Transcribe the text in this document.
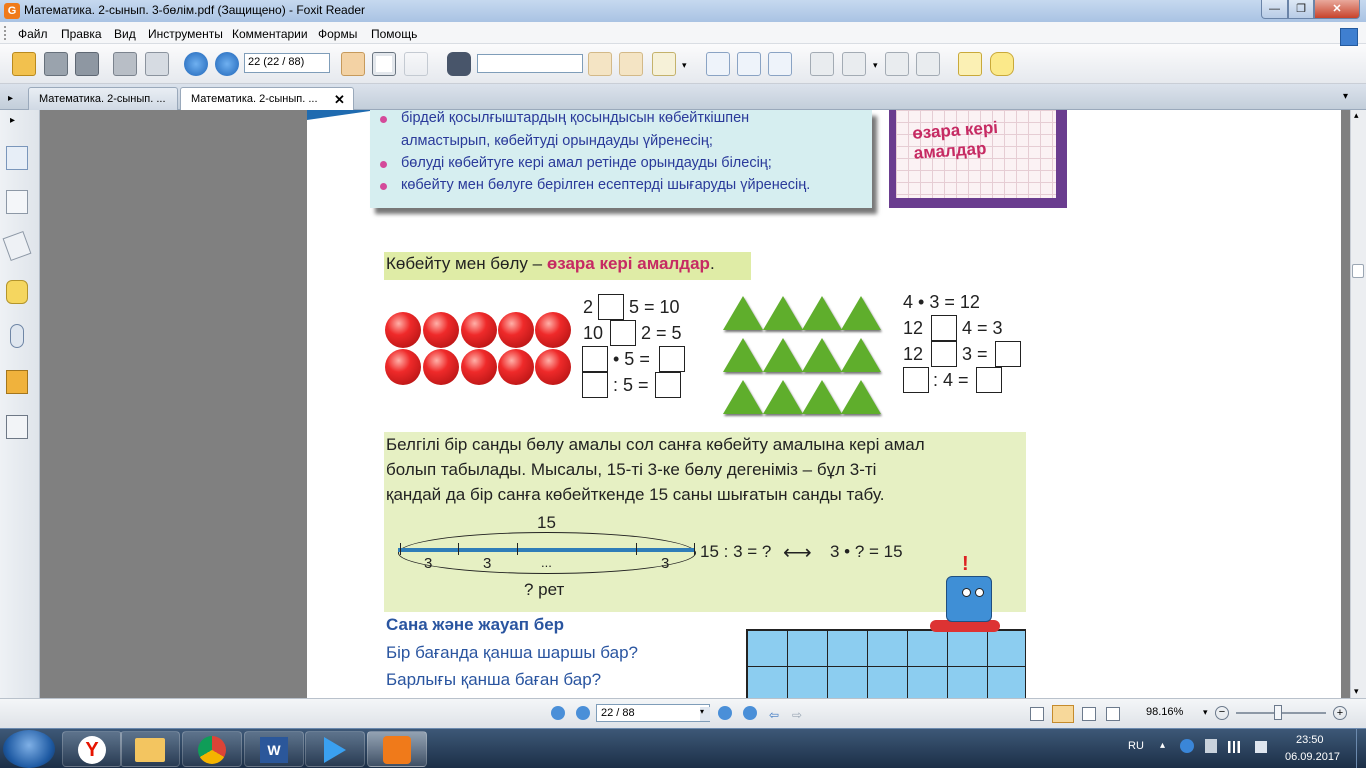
G Математика. 2-сынып. 3-бөлім.pdf (Защищено) - Foxit Reader	—	❐	✕
Файл Правка Вид Инструменты Комментарии Формы Помощь
22 (22 / 88)	▾	▾
▸	Математика. 2-сынып. ...	Математика. 2-сынып. ...	✕	▾
▸	▴
▾
бірдей қосылғыштардың қосындысын көбейткішпен
алмастырып, көбейтуді орындауды үйренесің;
бөлуді көбейтуге кері амал ретінде орындауды білесің;
көбейту мен бөлуге берілген есептерді шығаруды үйренесің.
өзара кері амалдар
Көбейту мен бөлу – өзара кері амалдар.
2 5 = 10
10 2 = 5
• 5 =
: 5 =
4 • 3 = 12
12 4 = 3
12 3 =
: 4 =
Белгілі бір санды бөлу амалы сол санға көбейту амалына кері амал
болып табылады. Мысалы, 15-ті 3-ке бөлу дегеніміз – бұл 3-ті
қандай да бір санға көбейткенде 15 саны шығатын санды табу.
15
3	3	...	3
? рет
15 : 3 = ? ⟷ 3 • ? = 15
Сана және жауап бер
Бір бағанда қанша шаршы бар?
Барлығы қанша баған бар?
!
22 / 88	▾	⇦ ⇨	98.16% ▾	−	+
Y	W	RU ▴	23:50
06.09.2017
